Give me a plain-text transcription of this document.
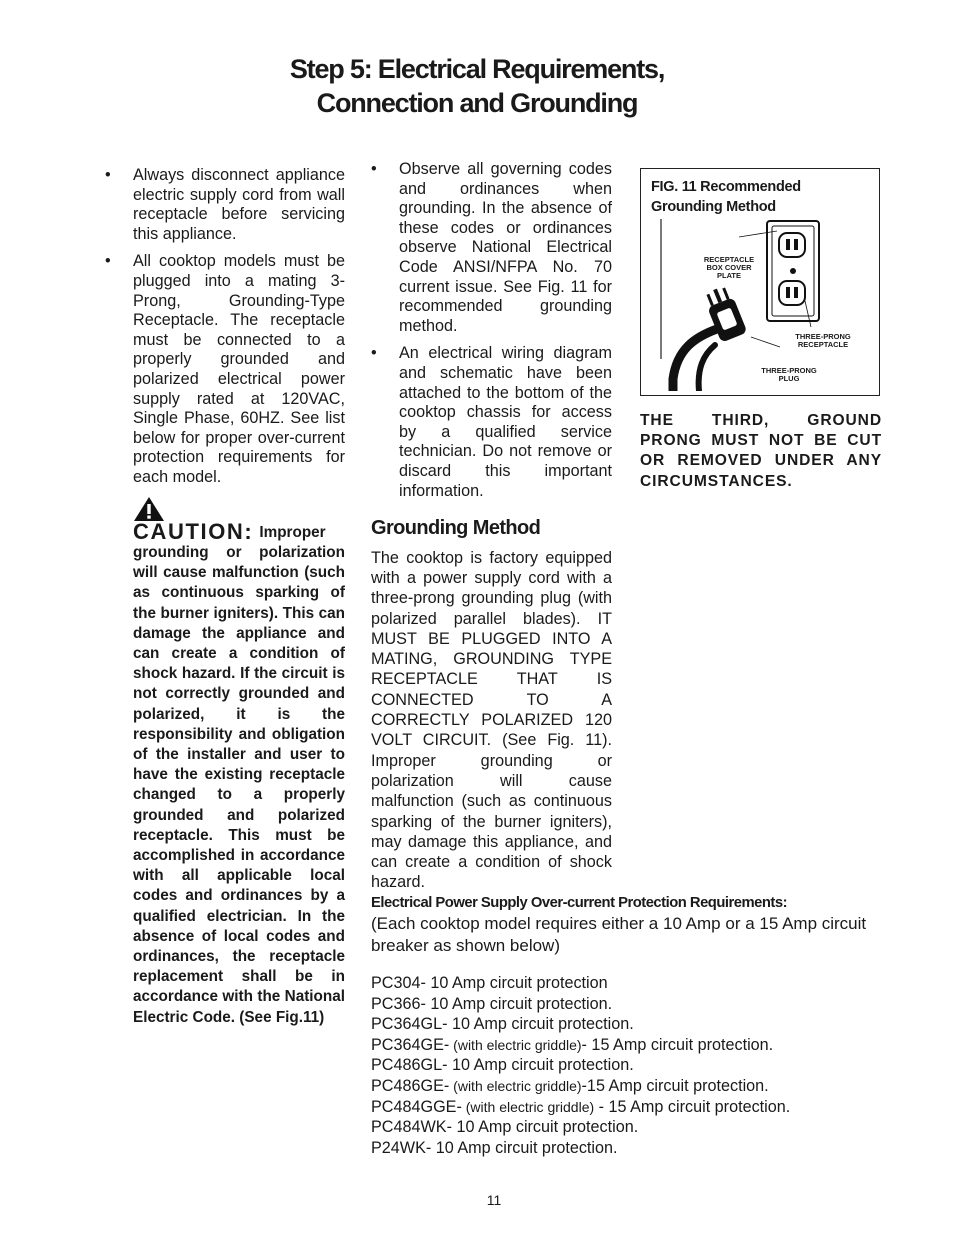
Step 5: Electrical Requirements,
Connection and Grounding
• Always disconnect appliance electric supply cord from wall receptacle before servicing this appliance.
• All cooktop models must be plugged into a mating 3-Prong, Grounding-Type Receptacle. The receptacle must be connected to a properly grounded and polarized electrical power supply rated at 120VAC, Single Phase, 60HZ. See list below for proper over-current protection requirements for each model.
CAUTION: Improper grounding or polarization will cause malfunction (such as continuous sparking of the burner igniters). This can damage the appliance and can create a condition of shock hazard. If the circuit is not correctly grounded and polarized, it is the responsibility and obligation of the installer and user to have the existing receptacle changed to a properly grounded and polarized receptacle. This must be accomplished in accordance with all applicable local codes and ordinances by a qualified electrician. In the absence of local codes and ordinances, the receptacle replacement shall be in accordance with the National Electric Code. (See Fig.11)
• Observe all governing codes and ordinances when grounding. In the absence of these codes or ordinances observe National Electrical Code ANSI/NFPA No. 70 current issue. See Fig. 11 for recommended grounding method.
• An electrical wiring diagram and schematic have been attached to the bottom of the cooktop chassis for access by a qualified service technician. Do not remove or discard this important information.
Grounding Method
The cooktop is factory equipped with a power supply cord with a three-prong grounding plug (with polarized parallel blades). IT MUST BE PLUGGED INTO A MATING, GROUNDING TYPE RECEPTACLE THAT IS CONNECTED TO A CORRECTLY POLARIZED 120 VOLT CIRCUIT. (See Fig. 11). Improper grounding or polarization will cause malfunction (such as continuous sparking of the burner igniters), may damage this appliance, and can create a condition of shock hazard.
FIG. 11 Recommended
Grounding Method
RECEPTACLE
BOX COVER
PLATE
THREE-PRONG
RECEPTACLE
THREE-PRONG
PLUG
THE THIRD, GROUND PRONG MUST NOT BE CUT OR REMOVED UNDER ANY CIRCUMSTANCES.
Electrical Power Supply Over-current Protection Requirements:
(Each cooktop model requires either a 10 Amp or a 15 Amp circuit breaker as shown below)
PC304- 10 Amp circuit protection
PC366- 10 Amp circuit protection.
PC364GL- 10 Amp circuit protection.
PC364GE- (with electric griddle)- 15 Amp circuit protection.
PC486GL- 10 Amp circuit protection.
PC486GE- (with electric griddle)-15 Amp circuit protection.
PC484GGE- (with electric griddle) - 15 Amp circuit protection.
PC484WK- 10 Amp circuit protection.
P24WK- 10 Amp circuit protection.
11
